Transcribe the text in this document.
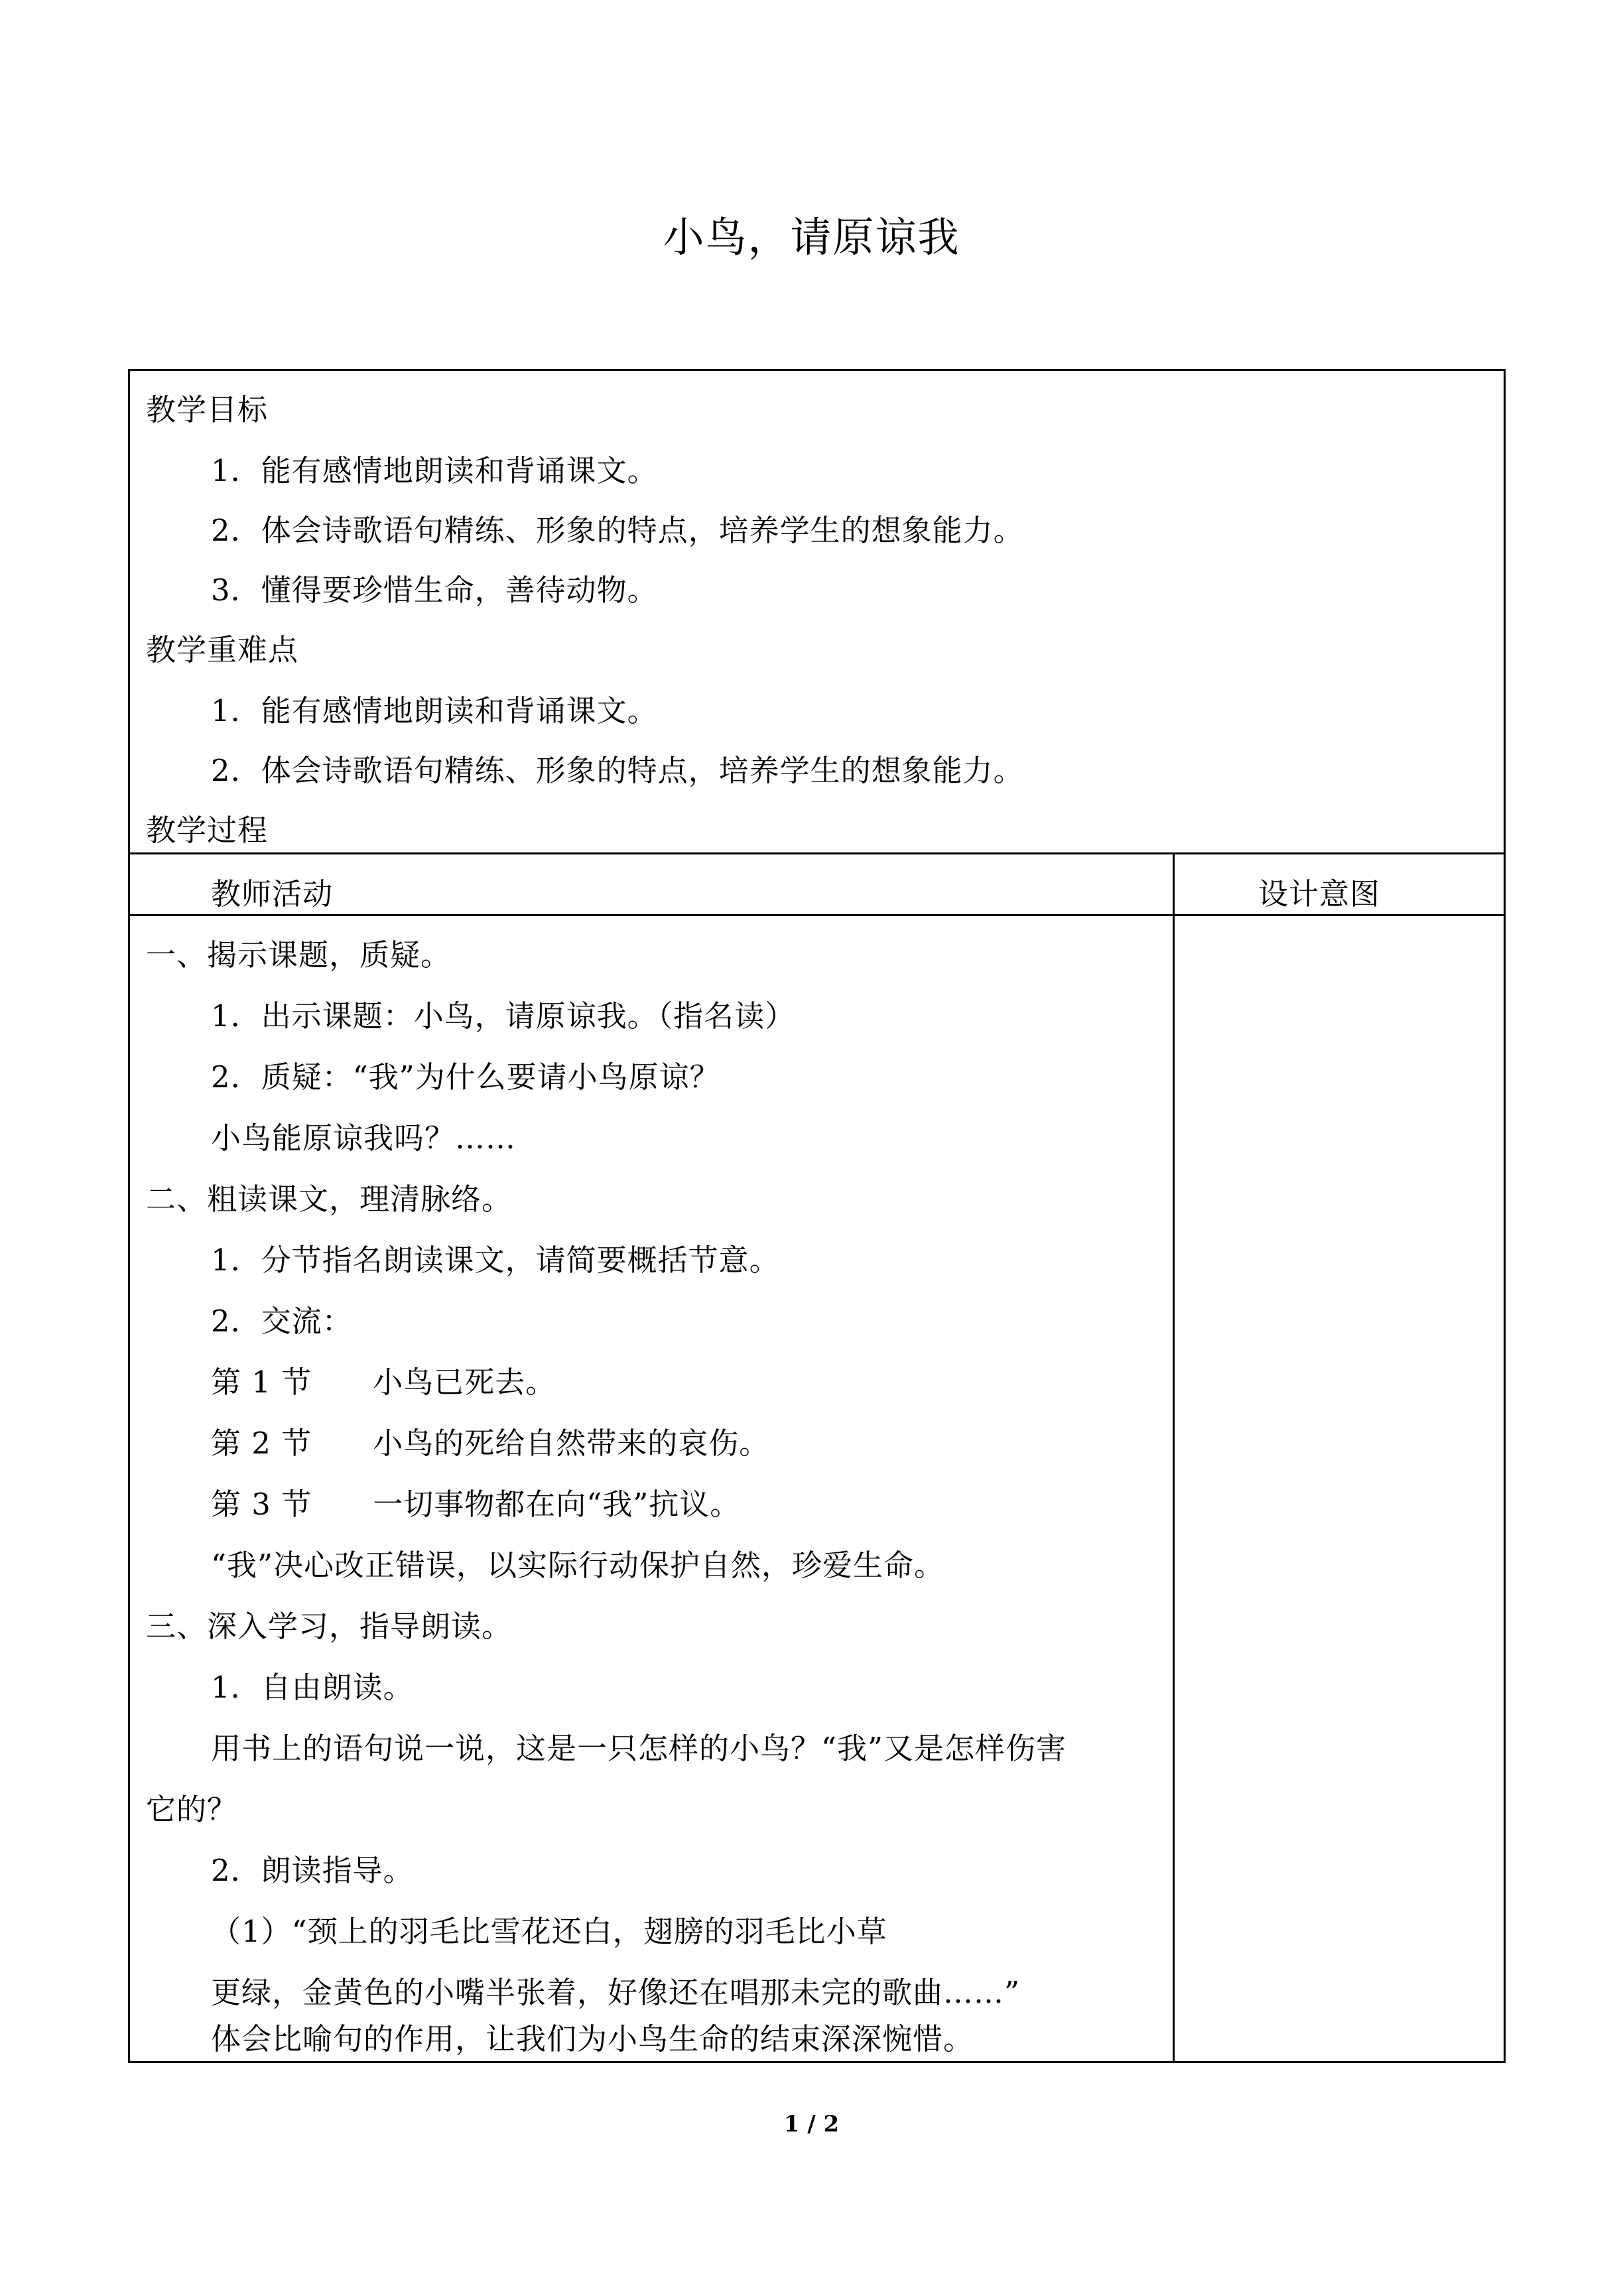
小鸟，请原谅我
教学目标
1．能有感情地朗读和背诵课文。
2．体会诗歌语句精练、形象的特点，培养学生的想象能力。
3．懂得要珍惜生命，善待动物。
教学重难点
1．能有感情地朗读和背诵课文。
2．体会诗歌语句精练、形象的特点，培养学生的想象能力。
教学过程
教师活动	设计意图
一、揭示课题，质疑。
1．出示课题：小鸟，请原谅我。（指名读）
2．质疑：“我”为什么要请小鸟原谅？
小鸟能原谅我吗？……
二、粗读课文，理清脉络。
1．分节指名朗读课文，请简要概括节意。
2．交流：
第 1 节　　小鸟已死去。
第 2 节　　小鸟的死给自然带来的哀伤。
第 3 节　　一切事物都在向“我”抗议。
“我”决心改正错误，以实际行动保护自然，珍爱生命。
三、深入学习，指导朗读。
1．自由朗读。
用书上的语句说一说，这是一只怎样的小鸟？“我”又是怎样伤害
它的？
2．朗读指导。
（1）“颈上的羽毛比雪花还白，翅膀的羽毛比小草
更绿，金黄色的小嘴半张着，好像还在唱那未完的歌曲……”
体会比喻句的作用，让我们为小鸟生命的结束深深惋惜。
1 / 2
